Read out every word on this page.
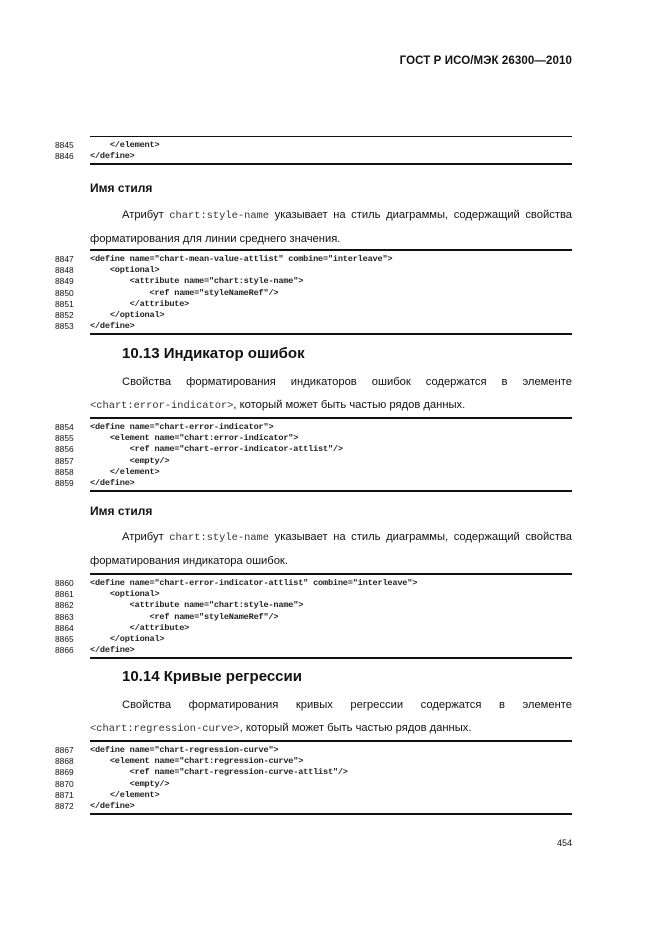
ГОСТ Р ИСО/МЭК 26300—2010
8845	</element>
8846	</define>
Имя стиля
Атрибут chart:style-name указывает на стиль диаграммы, содержащий свойства форматирования для линии среднего значения.
8847	<define name="chart-mean-value-attlist" combine="interleave">
8848	<optional>
8849	<attribute name="chart:style-name">
8850	<ref name="styleNameRef"/>
8851	</attribute>
8852	</optional>
8853	</define>
10.13 Индикатор ошибок
Свойства форматирования индикаторов ошибок содержатся в элементе <chart:error-indicator>, который может быть частью рядов данных.
8854	<define name="chart-error-indicator">
8855	<element name="chart:error-indicator">
8856	<ref name="chart-error-indicator-attlist"/>
8857	<empty/>
8858	</element>
8859	</define>
Имя стиля
Атрибут chart:style-name указывает на стиль диаграммы, содержащий свойства форматирования индикатора ошибок.
8860	<define name="chart-error-indicator-attlist" combine="interleave">
8861	<optional>
8862	<attribute name="chart:style-name">
8863	<ref name="styleNameRef"/>
8864	</attribute>
8865	</optional>
8866	</define>
10.14 Кривые регрессии
Свойства форматирования кривых регрессии содержатся в элементе <chart:regression-curve>, который может быть частью рядов данных.
8867	<define name="chart-regression-curve">
8868	<element name="chart:regression-curve">
8869	<ref name="chart-regression-curve-attlist"/>
8870	<empty/>
8871	</element>
8872	</define>
454
